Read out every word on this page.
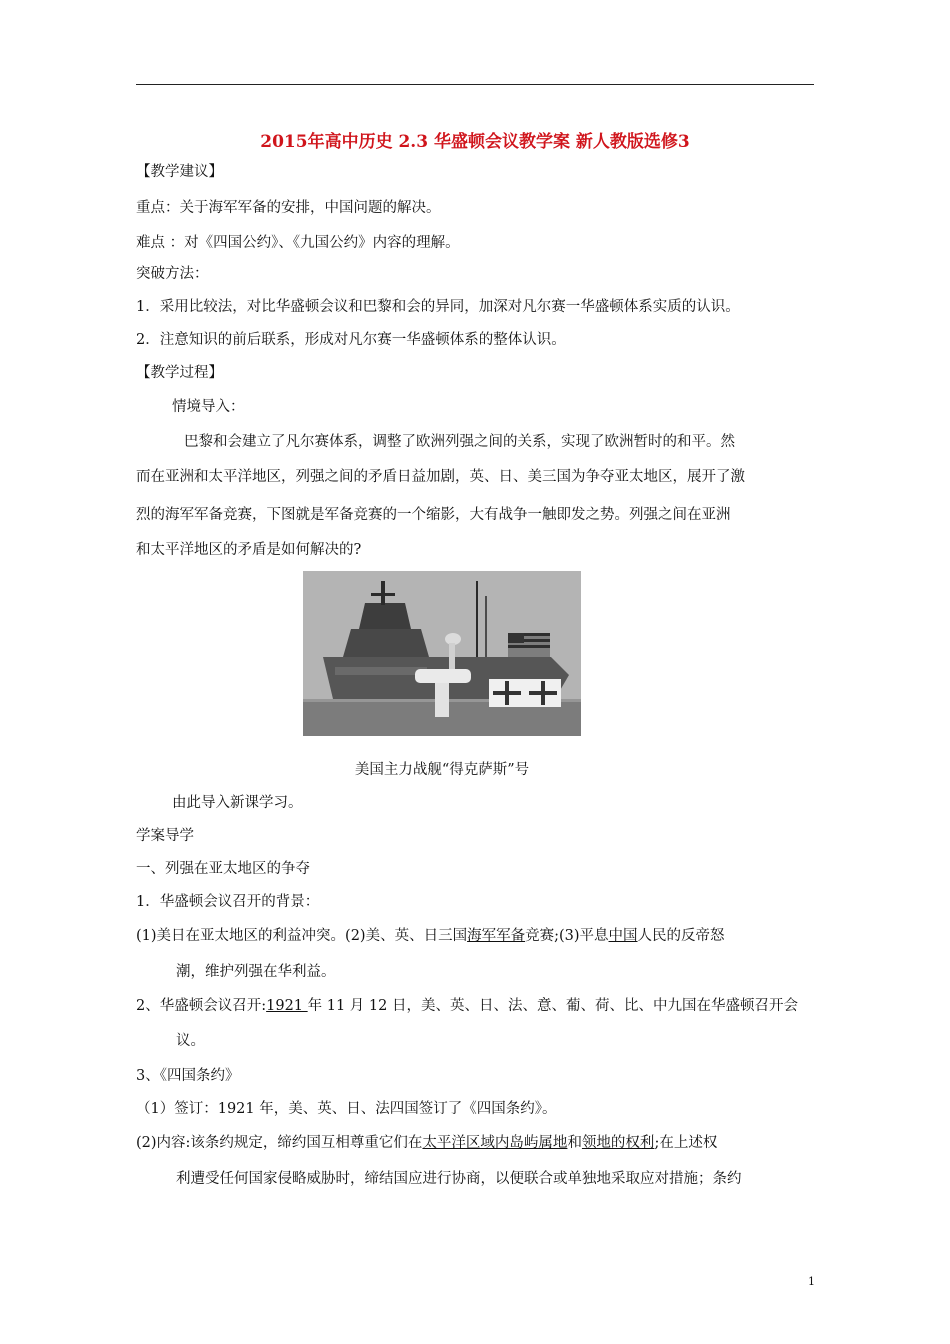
2015年高中历史 2.3 华盛顿会议教学案 新人教版选修3
【教学建议】
重点：关于海军军备的安排，中国问题的解决。
难点 ：对《四国公约》、《九国公约》内容的理解。
突破方法：
1．采用比较法，对比华盛顿会议和巴黎和会的异同，加深对凡尔赛一华盛顿体系实质的认识。
2．注意知识的前后联系，形成对凡尔赛一华盛顿体系的整体认识。
【教学过程】
情境导入：
巴黎和会建立了凡尔赛体系，调整了欧洲列强之间的关系，实现了欧洲暂时的和平。然
而在亚洲和太平洋地区，列强之间的矛盾日益加剧，英、日、美三国为争夺亚太地区，展开了激
烈的海军军备竞赛，下图就是军备竞赛的一个缩影，大有战争一触即发之势。列强之间在亚洲
和太平洋地区的矛盾是如何解决的?
美国主力战舰“得克萨斯”号
由此导入新课学习。
学案导学
一、列强在亚太地区的争夺
1．华盛顿会议召开的背景：
(1)美日在亚太地区的利益冲突。(2)美、英、日三国海军军备竞赛;(3)平息中国人民的反帝怒
潮，维护列强在华利益。
2、华盛顿会议召开:1921 年 11 月 12 日，美、英、日、法、意、葡、荷、比、中九国在华盛顿召开会
议。
3、《四国条约》
（1）签订：1921 年，美、英、日、法四国签订了《四国条约》。
(2)内容:该条约规定，缔约国互相尊重它们在太平洋区域内岛屿属地和领地的权利;在上述权
利遭受任何国家侵略威胁时，缔结国应进行协商，以便联合或单独地采取应对措施；条约
1
